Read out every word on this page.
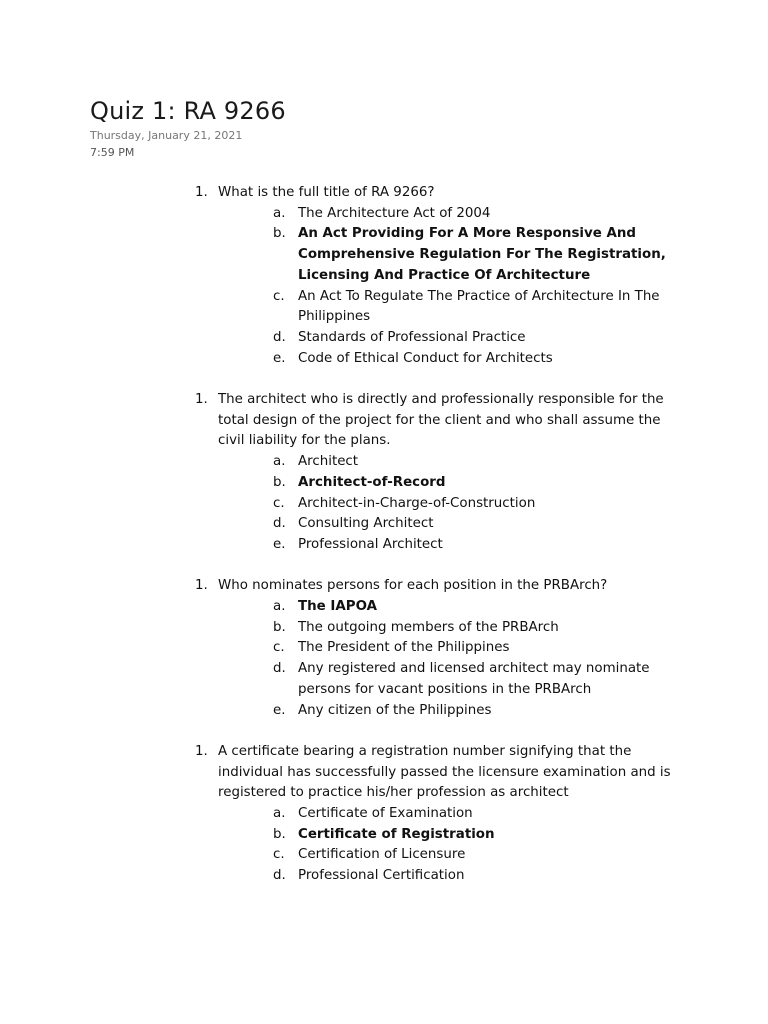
Quiz 1: RA 9266
Thursday, January 21, 2021
7:59 PM
1. What is the full title of RA 9266?
a. The Architecture Act of 2004
b. An Act Providing For A More Responsive And Comprehensive Regulation For The Registration, Licensing And Practice Of Architecture
c. An Act To Regulate The Practice of Architecture In The Philippines
d. Standards of Professional Practice
e. Code of Ethical Conduct for Architects
1. The architect who is directly and professionally responsible for the total design of the project for the client and who shall assume the civil liability for the plans.
a. Architect
b. Architect-of-Record
c. Architect-in-Charge-of-Construction
d. Consulting Architect
e. Professional Architect
1. Who nominates persons for each position in the PRBArch?
a. The IAPOA
b. The outgoing members of the PRBArch
c. The President of the Philippines
d. Any registered and licensed architect may nominate persons for vacant positions in the PRBArch
e. Any citizen of the Philippines
1. A certificate bearing a registration number signifying that the individual has successfully passed the licensure examination and is registered to practice his/her profession as architect
a. Certificate of Examination
b. Certificate of Registration
c. Certification of Licensure
d. Professional Certification
